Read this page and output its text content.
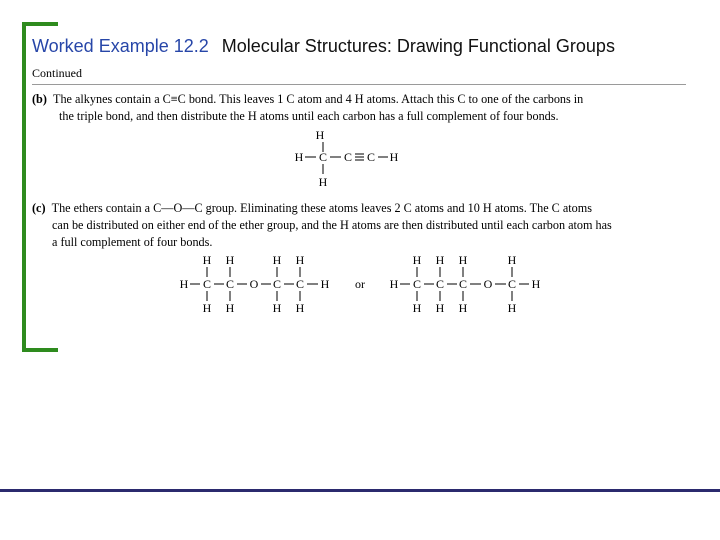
Worked Example 12.2 Molecular Structures: Drawing Functional Groups
Continued
(b) The alkynes contain a C≡C bond. This leaves 1 C atom and 4 H atoms. Attach this C to one of the carbons in
the triple bond, and then distribute the H atoms until each carbon has a full complement of four bonds.
H
H C C C H
H
(c) The ethers contain a C—O—C group. Eliminating these atoms leaves 2 C atoms and 10 H atoms. The C atoms
can be distributed on either end of the ether group, and the H atoms are then distributed until each carbon atom has
a full complement of four bonds.
H C C O C C H
H
H
H
H
H
H
H
H
or H C C C O C H
H
H
H
H
H
H
H
H
